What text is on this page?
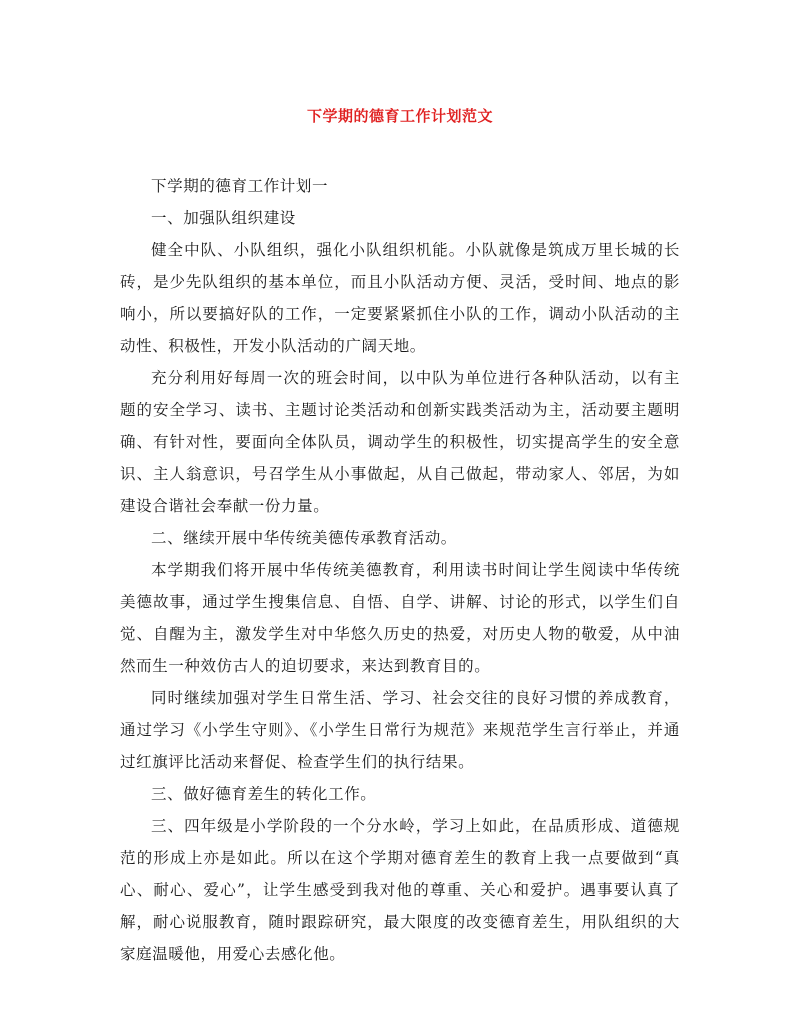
下学期的德育工作计划范文

下学期的德育工作计划一

一、加强队组织建设

健全中队、小队组织，强化小队组织机能。小队就像是筑成万里长城的长砖，是少先队组织的基本单位，而且小队活动方便、灵活，受时间、地点的影响小，所以要搞好队的工作，一定要紧紧抓住小队的工作，调动小队活动的主动性、积极性，开发小队活动的广阔天地。

充分利用好每周一次的班会时间，以中队为单位进行各种队活动，以有主题的安全学习、读书、主题讨论类活动和创新实践类活动为主，活动要主题明确、有针对性，要面向全体队员，调动学生的积极性，切实提高学生的安全意识、主人翁意识，号召学生从小事做起，从自己做起，带动家人、邻居，为如建设合谐社会奉献一份力量。

二、继续开展中华传统美德传承教育活动。

本学期我们将开展中华传统美德教育，利用读书时间让学生阅读中华传统美德故事，通过学生搜集信息、自悟、自学、讲解、讨论的形式，以学生们自觉、自醒为主，激发学生对中华悠久历史的热爱，对历史人物的敬爱，从中油然而生一种效仿古人的迫切要求，来达到教育目的。

同时继续加强对学生日常生活、学习、社会交往的良好习惯的养成教育，通过学习《小学生守则》、《小学生日常行为规范》来规范学生言行举止，并通过红旗评比活动来督促、检查学生们的执行结果。

三、做好德育差生的转化工作。

三、四年级是小学阶段的一个分水岭，学习上如此，在品质形成、道德规范的形成上亦是如此。所以在这个学期对德育差生的教育上我一点要做到“真心、耐心、爱心”，让学生感受到我对他的尊重、关心和爱护。遇事要认真了解，耐心说服教育，随时跟踪研究，最大限度的改变德育差生，用队组织的大家庭温暖他，用爱心去感化他。
